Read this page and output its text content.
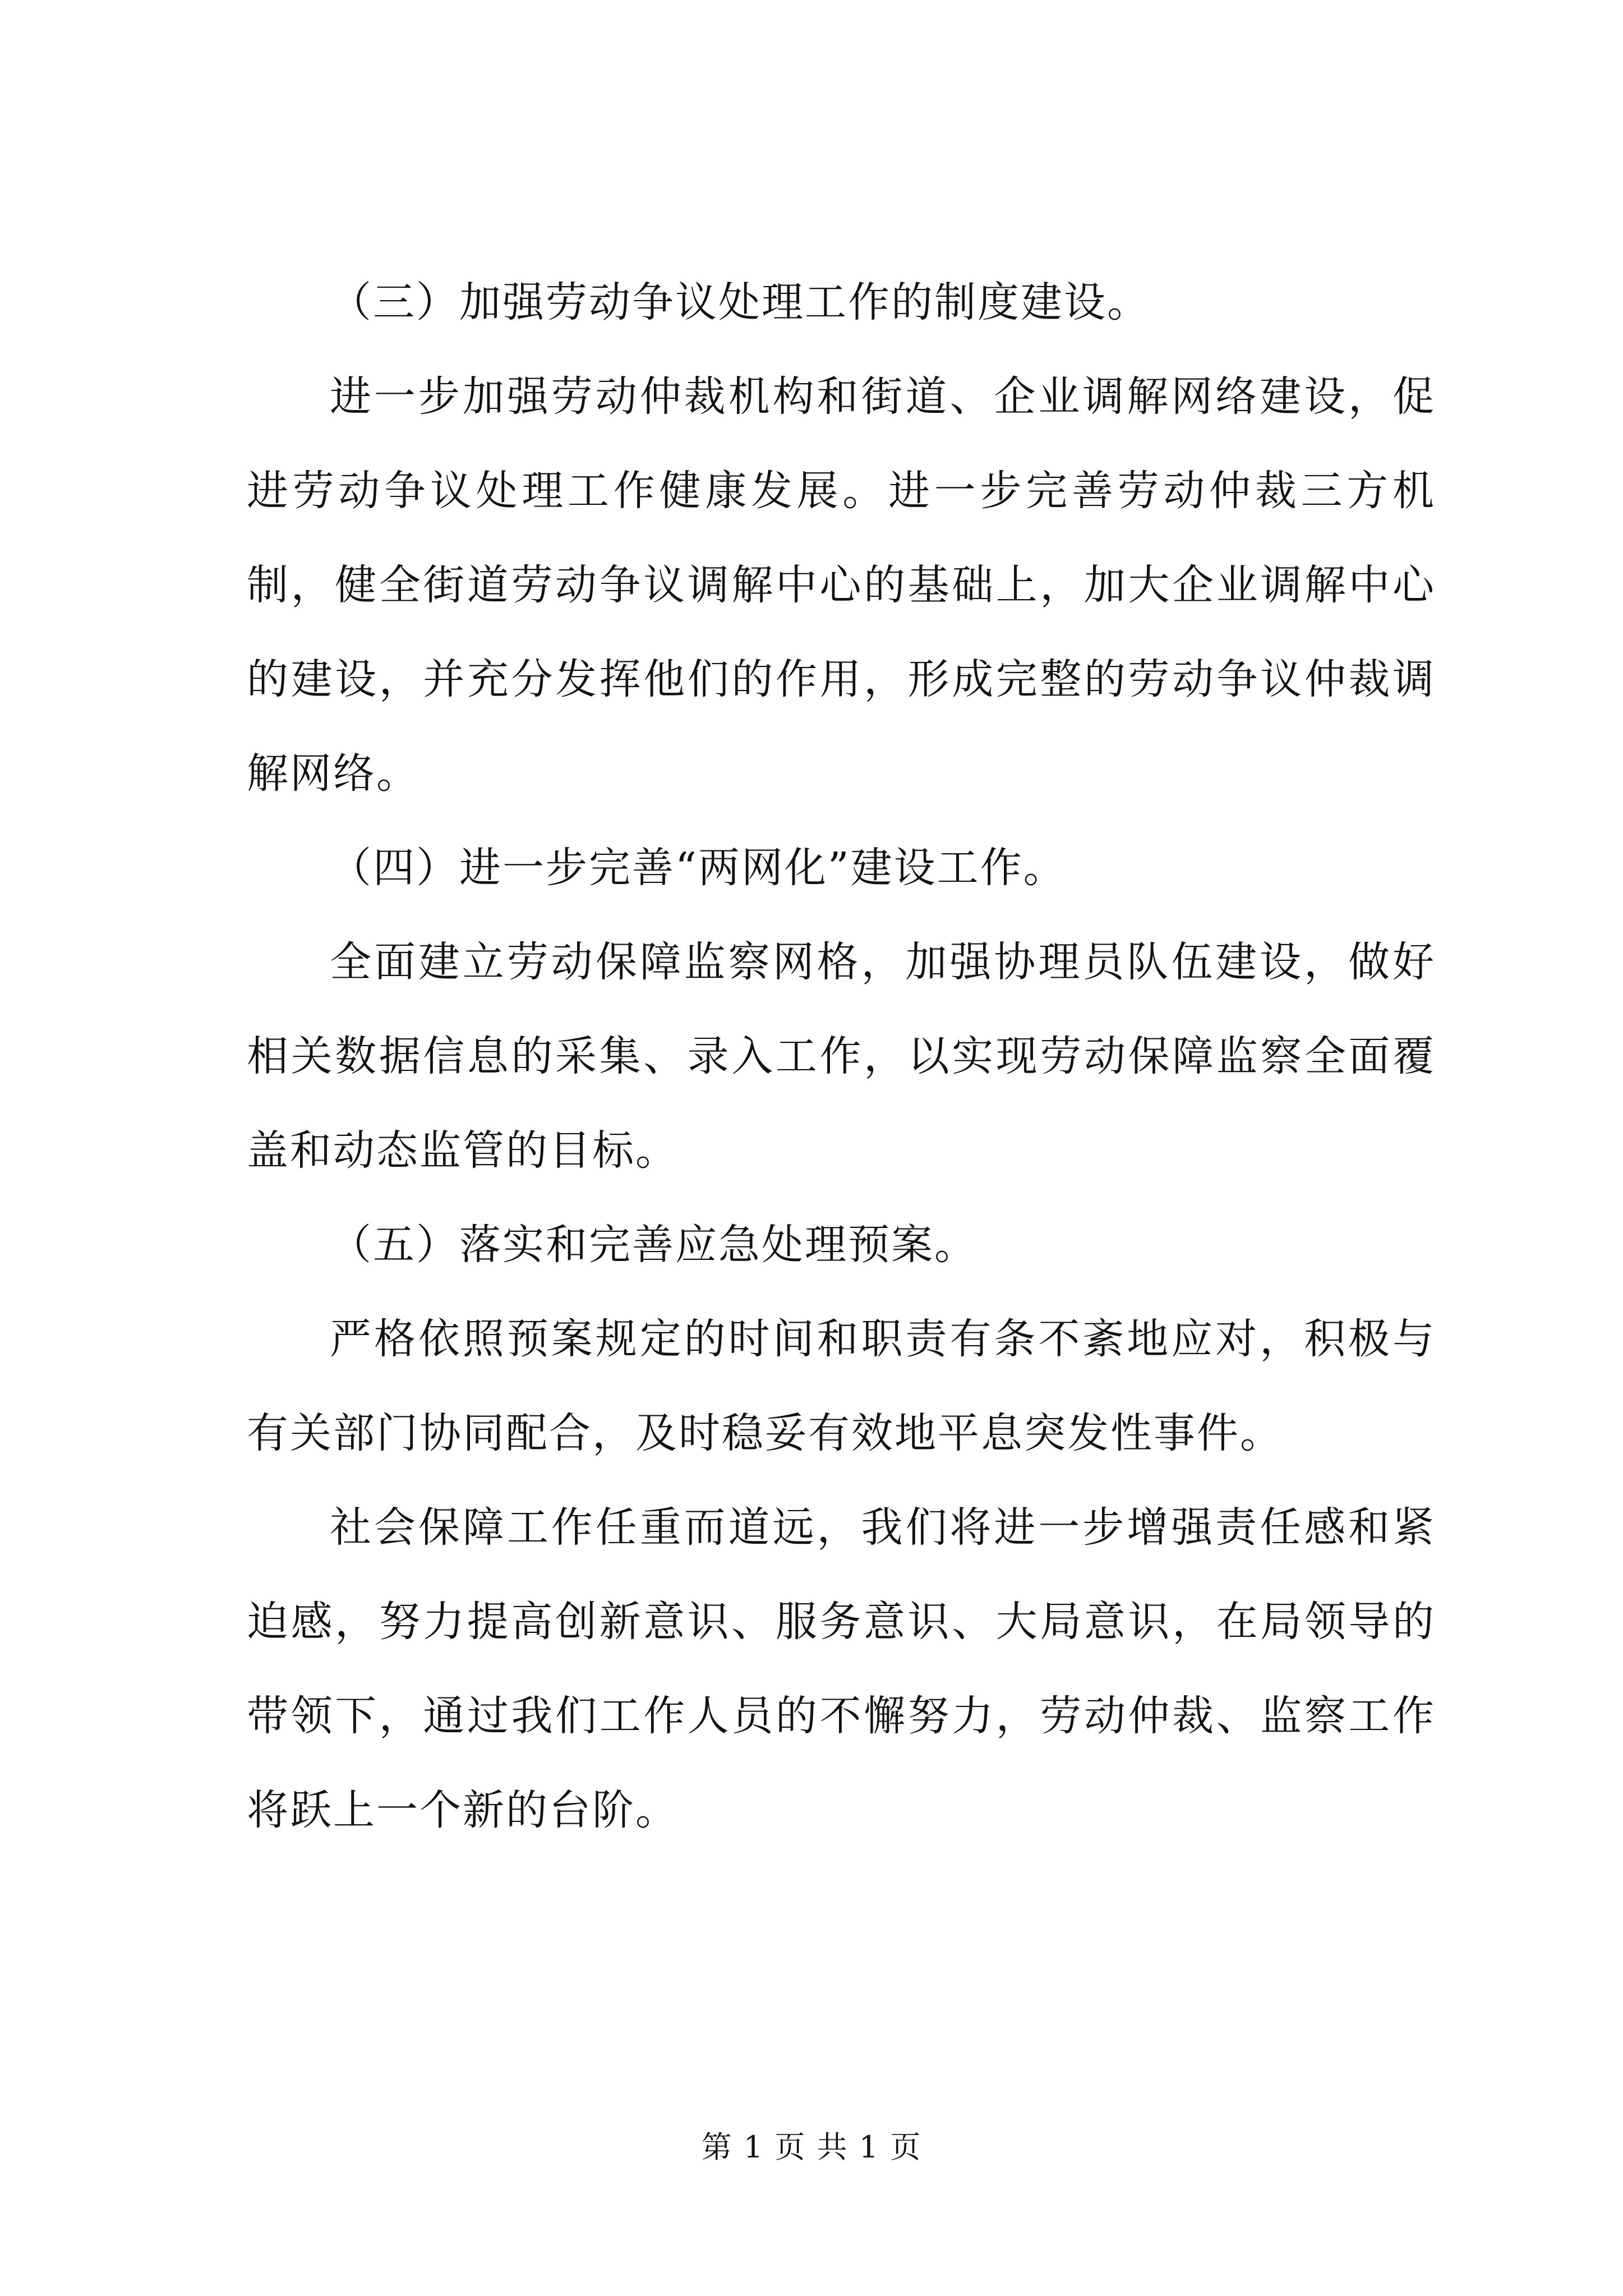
（三）加强劳动争议处理工作的制度建设。

进一步加强劳动仲裁机构和街道、企业调解网络建设，促进劳动争议处理工作健康发展。进一步完善劳动仲裁三方机制，健全街道劳动争议调解中心的基础上，加大企业调解中心的建设，并充分发挥他们的作用，形成完整的劳动争议仲裁调解网络。

（四）进一步完善“两网化”建设工作。

全面建立劳动保障监察网格，加强协理员队伍建设，做好相关数据信息的采集、录入工作，以实现劳动保障监察全面覆盖和动态监管的目标。

（五）落实和完善应急处理预案。

严格依照预案规定的时间和职责有条不紊地应对，积极与有关部门协同配合，及时稳妥有效地平息突发性事件。

社会保障工作任重而道远，我们将进一步增强责任感和紧迫感，努力提高创新意识、服务意识、大局意识，在局领导的带领下，通过我们工作人员的不懈努力，劳动仲裁、监察工作将跃上一个新的台阶。

第 1 页 共 1 页
